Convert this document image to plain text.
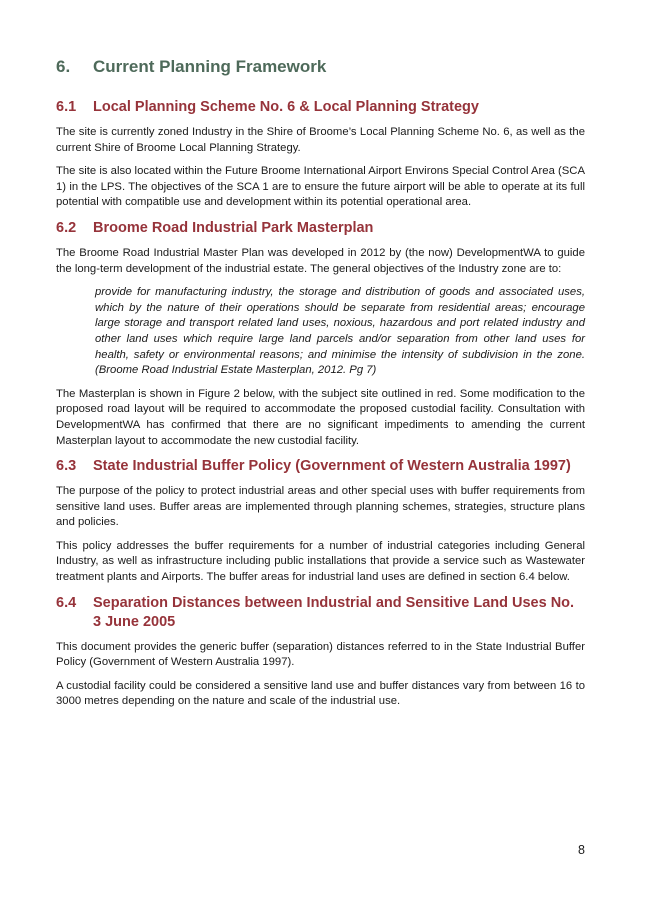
6.	Current Planning Framework
6.1	Local Planning Scheme No. 6 & Local Planning Strategy

The site is currently zoned Industry in the Shire of Broome’s Local Planning Scheme No. 6, as well as the current Shire of Broome Local Planning Strategy.

The site is also located within the Future Broome International Airport Environs Special Control Area (SCA 1) in the LPS. The objectives of the SCA 1 are to ensure the future airport will be able to operate at its full potential with compatible use and development within its potential operational area.

6.2	Broome Road Industrial Park Masterplan

The Broome Road Industrial Master Plan was developed in 2012 by (the now) DevelopmentWA to guide the long-term development of the industrial estate. The general objectives of the Industry zone are to:

provide for manufacturing industry, the storage and distribution of goods and associated uses, which by the nature of their operations should be separate from residential areas; encourage large storage and transport related land uses, noxious, hazardous and port related industry and other land uses which require large land parcels and/or separation from other land uses for health, safety or environmental reasons; and minimise the intensity of subdivision in the zone. (Broome Road Industrial Estate Masterplan, 2012. Pg 7)

The Masterplan is shown in Figure 2 below, with the subject site outlined in red. Some modification to the proposed road layout will be required to accommodate the proposed custodial facility. Consultation with DevelopmentWA has confirmed that there are no significant impediments to amending the current Masterplan layout to accommodate the new custodial facility.

6.3	State Industrial Buffer Policy (Government of Western Australia 1997)

The purpose of the policy to protect industrial areas and other special uses with buffer requirements from sensitive land uses. Buffer areas are implemented through planning schemes, strategies, structure plans and policies.

This policy addresses the buffer requirements for a number of industrial categories including General Industry, as well as infrastructure including public installations that provide a service such as Wastewater treatment plants and Airports. The buffer areas for industrial land uses are defined in section 6.4 below.

6.4	Separation Distances between Industrial and Sensitive Land Uses No. 3 June 2005

This document provides the generic buffer (separation) distances referred to in the State Industrial Buffer Policy (Government of Western Australia 1997).

A custodial facility could be considered a sensitive land use and buffer distances vary from between 16 to 3000 metres depending on the nature and scale of the industrial use.

8
